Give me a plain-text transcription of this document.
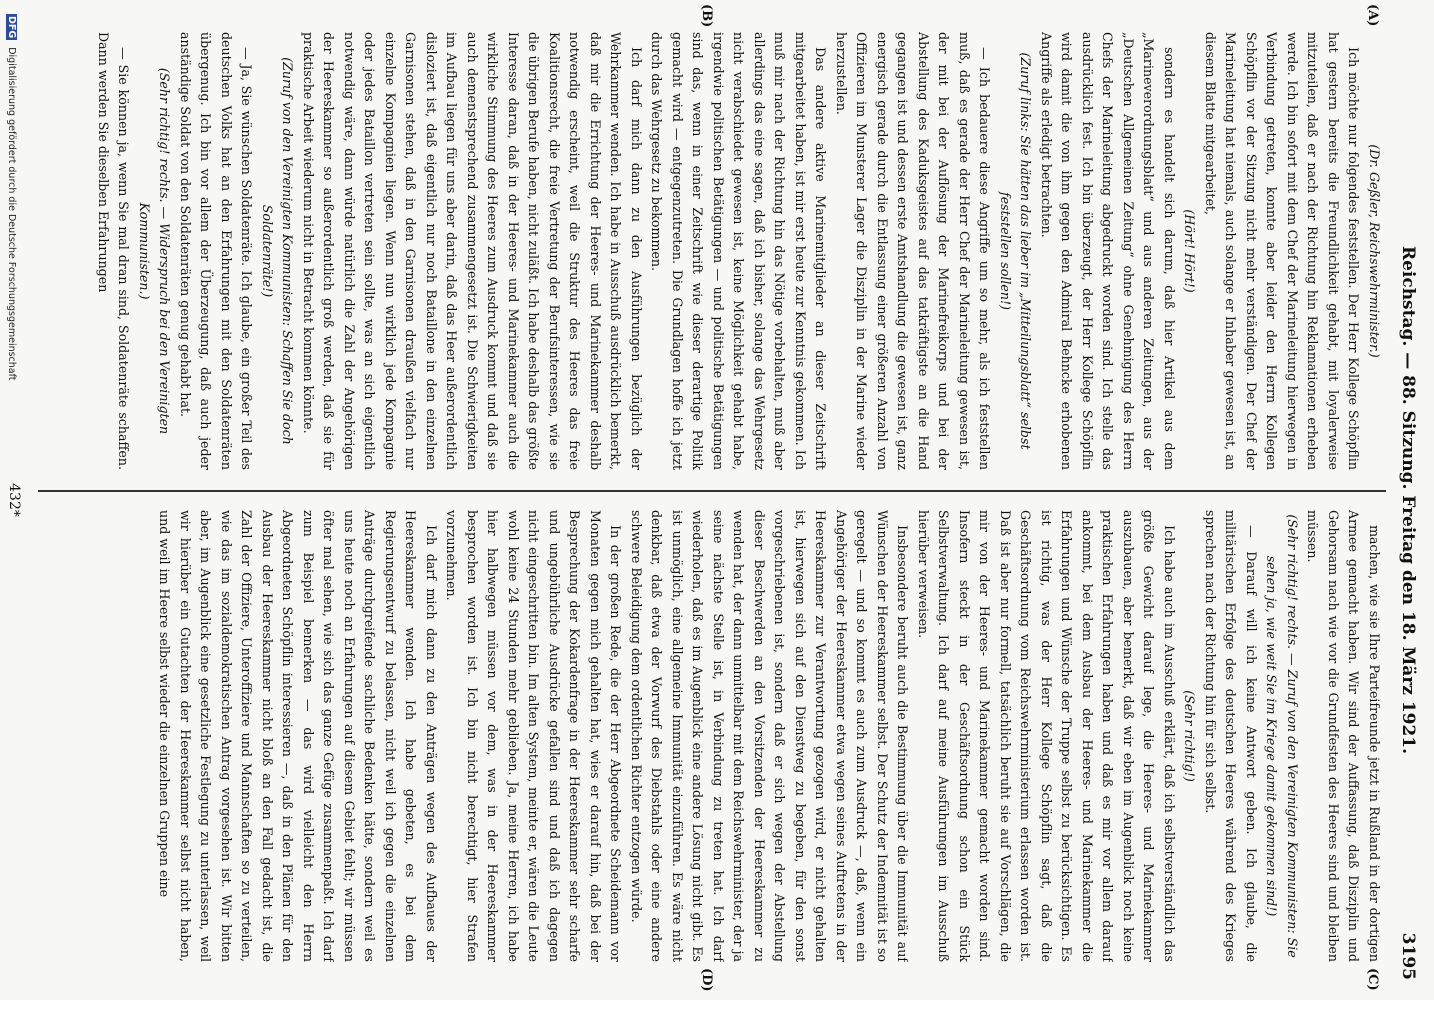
Reichstag. — 88. Sitzung. Freitag den 18. März 1921.
3195
(A)
(B)
(C)
(D)

(Dr. Geßler, Reichswehrminister.)

Ich möchte nur folgendes feststellen. Der Herr Kollege Schöpflin hat gestern bereits die Freundlichkeit gehabt, mit loyalerweise mitzuteilen, daß er nach der Richtung hin Reklamationen erheben werde. Ich bin sofort mit dem Chef der Marineleitung hierwegen in Verbindung getreten, konnte aber leider den Herrn Kollegen Schöpflin vor der Sitzung nicht mehr verständigen. Der Chef der Marineleitung hat niemals, auch solange er Inhaber gewesen ist, an diesem Blatte mitgearbeitet,

(Hört! Hört!)

sondern es handelt sich darum, daß hier Artikel aus dem „Marineverordnungsblatt“ und aus anderen Zeitungen, aus der „Deutschen Allgemeinen Zeitung“ ohne Genehmigung des Herrn Chefs der Marineleitung abgedruckt worden sind. Ich stelle das ausdrücklich fest. Ich bin überzeugt, der Herr Kollege Schöpflin wird damit die von ihm gegen den Admiral Behncke erhobenen Angriffe als erledigt betrachten.

(Zuruf links: Sie hätten das lieber im „Mitteilungsblatt“ selbst feststellen sollen!)

— Ich bedauere diese Angriffe um so mehr, als ich feststellen muß, daß es gerade der Herr Chef der Marineleitung gewesen ist, der mit bei der Auflösung der Marinefreikorps und bei der Abstellung des Kaduksgeistes auf das tatkräftigste an die Hand gegangen ist und dessen erste Amtshandlung die gewesen ist, ganz energisch gerade durch die Entlassung einer größeren Anzahl von Offizieren im Munsterer Lager die Disziplin in der Marine wieder herzustellen.

Das andere aktive Marinemitglieder an dieser Zeitschrift mitgearbeitet haben, ist mir erst heute zur Kenntnis gekommen. Ich muß mir nach der Richtung hin das Nötige vorbehalten, muß aber allerdings das eine sagen, daß ich bisher, solange das Wehrgesetz nicht verabschiedet gewesen ist, keine Möglichkeit gehabt habe, irgendwie politischen Betätigungen — und politische Betätigungen sind das, wenn in einer Zeitschrift wie dieser derartige Politik gemacht wird — entgegenzutreten. Die Grundlagen hoffe ich jetzt durch das Wehrgesetz zu bekommen.

Ich darf mich dann zu den Ausführungen bezüglich der Wehrkammer wenden. Ich habe in Ausschuß ausdrücklich bemerkt, daß mir die Errichtung der Heeres- und Marinekammer deshalb notwendig erscheint, weil die Struktur des Heeres das freie Koalitionsrecht, die freie Vertretung der Berufsinteressen, wie sie die übrigen Berufe haben, nicht zuläßt. Ich habe deshalb das größte Interesse daran, daß in der Heeres- und Marinekammer auch die wirkliche Stimmung des Heeres zum Ausdruck kommt und daß sie auch demenstsprechend zusammengesetzt ist. Die Schwierigkeiten im Aufbau liegen für uns aber darin, daß das Heer außerordentlich disloziert ist, daß eigentlich nur noch Bataillone in den einzelnen Garnisonen stehen, daß in den Garnisonen draußen vielfach nur einzelne Kompagnien liegen. Wenn nun wirklich jede Kompagnie oder jedes Bataillon vertreten sein sollte, was an sich eigentlich notwendig wäre, dann würde natürlich die Zahl der Angehörigen der Heereskammer so außerordentlich groß werden, daß sie für praktische Arbeit wiederum nicht in Betracht kommen könnte.

(Zuruf von den Vereinigten Kommunisten: Schaffen Sie doch Soldatenräte!)

— Ja, Sie wünschen Soldatenräte. Ich glaube, ein großer Teil des deutschen Volks hat an den Erfahrungen mit den Soldatenräten übergenug. Ich bin vor allem der Überzeugung, daß auch jeder anständige Soldat von den Soldatenräten genug gehabt hat.

(Sehr richtig! rechts. — Widerspruch bei den Vereinigten Kommunisten.)

— Sie können ja, wenn Sie mal dran sind, Soldatenräte schaffen. Dann werden Sie dieselben Erfahrungen

machen, wie sie Ihre Parteifreunde jetzt in Rußland in der dortigen Armee gemacht haben. Wir sind der Auffassung, daß Disziplin und Gehorsam nach wie vor die Grundfesten des Heeres sind und bleiben müssen.

(Sehr richtig! rechts. — Zuruf von den Vereinigten Kommunisten: Sie sehen ja, wie weit Sie im Kriege damit gekommen sind!)

— Darauf will ich keine Antwort geben. Ich glaube, die militärischen Erfolge des deutschen Heeres während des Krieges sprechen nach der Richtung hin für sich selbst.

(Sehr richtig!)

Ich habe auch im Ausschuß erklärt, daß ich selbstverständlich das größte Gewicht darauf lege, die Heeres- und Marinekammer auszubauen, aber bemerkt, daß wir eben im Augenblick noch keine praktischen Erfahrungen haben und daß es mir vor allem darauf ankommt, bei dem Ausbau der Heeres- und Marinekammer die Erfahrungen und Wünsche der Truppe selbst zu berücksichtigen. Es ist richtig, was der Herr Kollege Schöpflin sagt, daß die Geschäftsordnung vom Reichswehrministerium erlassen worden ist. Daß ist aber nur formell, tatsächlich beruht sie auf Vorschlägen, die mir von der Heeres- und Marinekammer gemacht worden sind. Insofern steckt in der Geschäftsordnung schon ein Stück Selbstverwaltung. Ich darf auf meine Ausführungen im Ausschuß hierüber verweisen.

Insbesondere beruht auch die Bestimmung über die Immunität auf Wünschen der Heereskammer selbst. Der Schutz der Indemnität ist so geregelt — und so kommt es auch zum Ausdruck —, daß, wenn ein Angehöriger der Heereskammer etwa wegen seines Auftretens in der Heereskammer zur Verantwortung gezogen wird, er nicht gehalten ist, hierwegen sich auf den Dienstweg zu begeben, für den sonst vorgeschriebenen ist, sondern daß er sich wegen der Abstellung dieser Beschwerden an den Vorsitzenden der Heereskammer zu wenden hat, der dann unmittelbar mit dem Reichswehrminister, der ja seine nächste Stelle ist, in Verbindung zu treten hat. Ich darf wiederholen, daß es im Augenblick eine andere Lösung nicht gibt. Es ist unmöglich, eine allgemeine Immunität einzuführen. Es wäre nicht denkbar, daß etwa der Vorwurf des Diebstahls oder eine andere schwere Beleidigung dem ordentlichen Richter entzogen würde.

In der großen Rede, die der Herr Abgeordnete Scheidemann vor Monaten gegen mich gehalten hat, wies er darauf hin, daß bei der Besprechung der Kokardenfrage in der Heereskammer sehr scharfe und ungebührliche Ausdrücke gefallen sind und daß ich dagegen nicht eingeschritten bin. Im alten System, meinte er, wären die Leute wohl keine 24 Stunden mehr geblieben. Ja, meine Herren, ich habe hier halbwegen müssen vor dem, was in der Heereskammer besprochen worden ist. Ich bin nicht berechtigt, hier Strafen vorzunehmen.

Ich darf mich dann zu den Anträgen wegen des Aufbaues der Heereskammer wenden. Ich habe gebeten, es bei dem Regierungsentwurf zu belassen, nicht weil ich gegen die einzelnen Anträge durchgreifende sachliche Bedenken hätte, sondern weil es uns heute noch an Erfahrungen auf diesem Gebiet fehlt; wir müssen öfter mal sehen, wie sich das ganze Gefüge zusammenpaßt. Ich darf zum Beispiel bemerken — das wird vielleicht den Herrn Abgeordneten Schöpflin interessieren —, daß in den Plänen für den Ausbau der Heereskammer nicht bloß an den Fall gedacht ist, die Zahl der Offiziere, Unteroffiziere und Mannschaften so zu verteilen, wie das im sozialdemokratischen Antrag vorgesehen ist. Wir bitten aber, im Augenblick eine gesetzliche Festlegung zu unterlassen, weil wir hierüber ein Gutachten der Heereskammer selbst nicht haben, und weil im Heere selbst wieder die einzelnen Gruppen eine

432*
DFG Digitalisierung gefördert durch die Deutsche Forschungsgemeinschaft
